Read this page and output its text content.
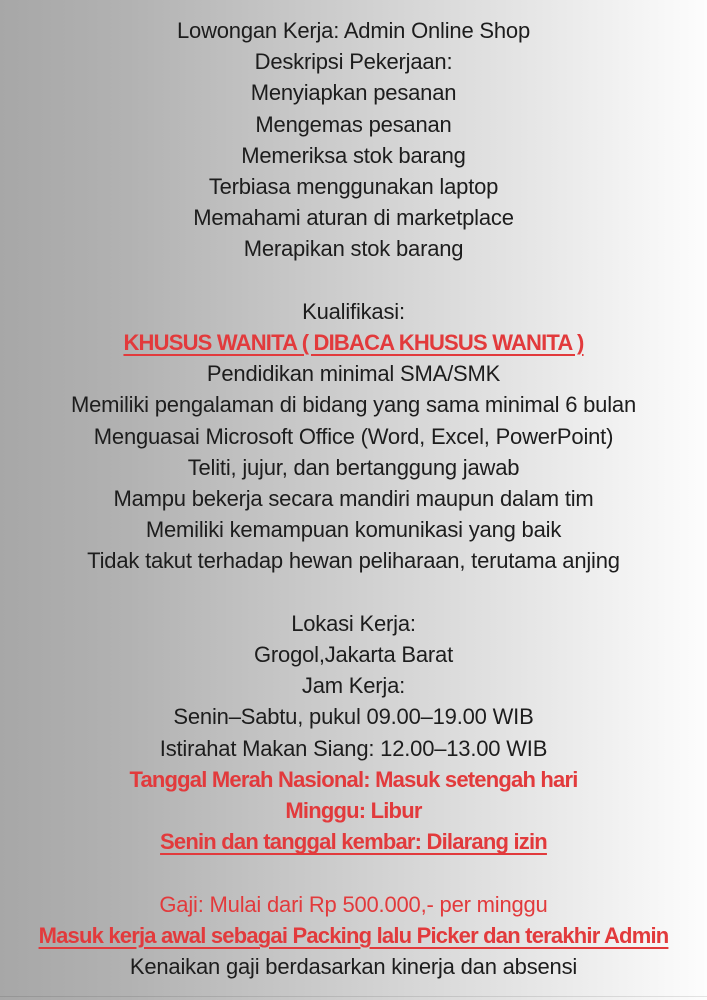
Lowongan Kerja: Admin Online Shop
Deskripsi Pekerjaan:
Menyiapkan pesanan
Mengemas pesanan
Memeriksa stok barang
Terbiasa menggunakan laptop
Memahami aturan di marketplace
Merapikan stok barang
Kualifikasi:
KHUSUS WANITA ( DIBACA KHUSUS WANITA )
Pendidikan minimal SMA/SMK
Memiliki pengalaman di bidang yang sama minimal 6 bulan
Menguasai Microsoft Office (Word, Excel, PowerPoint)
Teliti, jujur, dan bertanggung jawab
Mampu bekerja secara mandiri maupun dalam tim
Memiliki kemampuan komunikasi yang baik
Tidak takut terhadap hewan peliharaan, terutama anjing
Lokasi Kerja:
Grogol,Jakarta Barat
Jam Kerja:
Senin–Sabtu, pukul 09.00–19.00 WIB
Istirahat Makan Siang: 12.00–13.00 WIB
Tanggal Merah Nasional: Masuk setengah hari
Minggu: Libur
Senin dan tanggal kembar: Dilarang izin
Gaji: Mulai dari Rp 500.000,- per minggu
Masuk kerja awal sebagai Packing lalu Picker dan terakhir Admin
Kenaikan gaji berdasarkan kinerja dan absensi
